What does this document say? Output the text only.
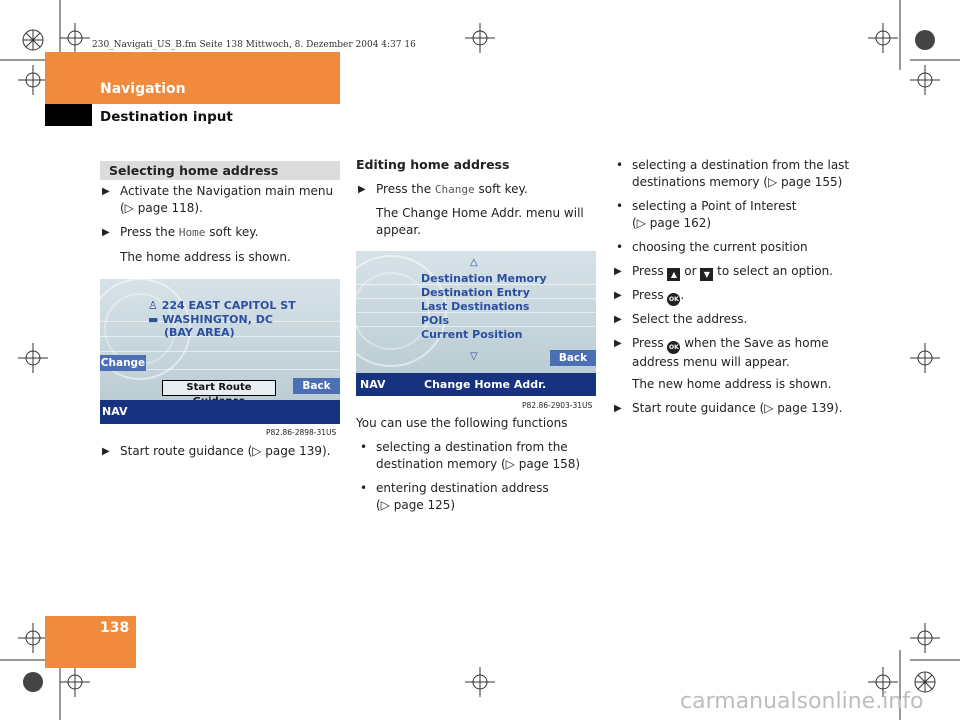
230_Navigati_US_B.fm Seite 138 Mittwoch, 8. Dezember 2004 4:37 16
Navigation
Destination input
Selecting home address
▶ Activate the Navigation main menu (▷ page 118).
▶ Press the Home soft key.
The home address is shown.
♙ 224 EAST CAPITOL ST
▬ WASHINGTON, DC
(BAY AREA)
Change
Start Route	Back
NAV
P82.86-2898-31US
▶ Start route guidance (▷ page 139).
Editing home address
▶ Press the Change soft key.
The Change Home Addr. menu will appear.
△
Destination Memory
Destination Entry
Last Destinations
POIs
Current Position
▽	Back
NAV	Change Home Addr.
P82.86-2903-31US
You can use the following functions
• selecting a destination from the destination memory (▷ page 158)
• entering destination address (▷ page 125)
• selecting a destination from the last destinations memory (▷ page 155)
• selecting a Point of Interest (▷ page 162)
• choosing the current position
▶ Press ▲ or ▼ to select an option.
▶ Press OK .
▶ Select the address.
▶ Press OK when the Save as home address menu will appear.
The new home address is shown.
▶ Start route guidance (▷ page 139).
138
carmanualsonline.info
